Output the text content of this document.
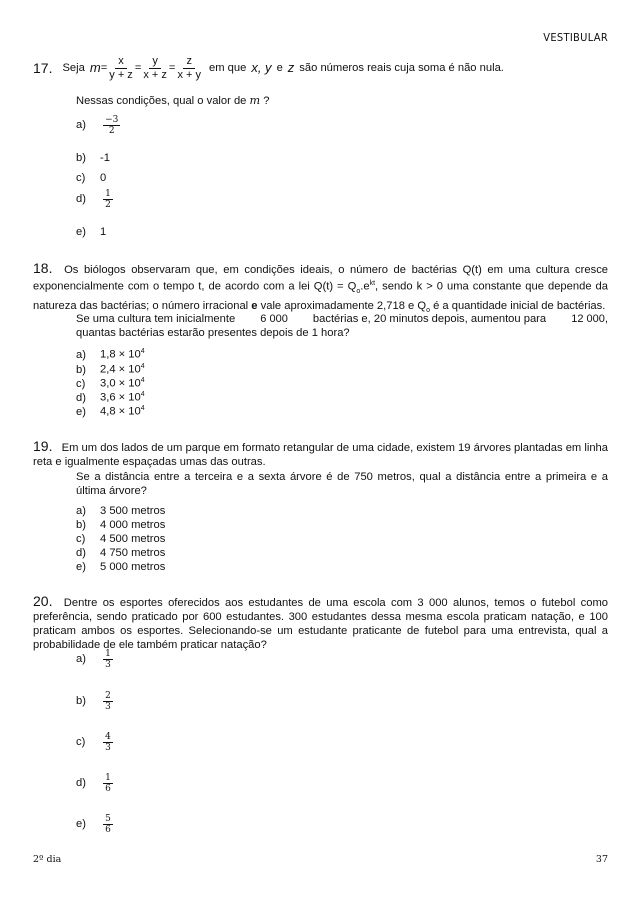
VESTIBULAR
17. Seja $m = \frac{x}{y + z} = \frac{y}{x + z} = \frac{z}{x + y}$ em que x, y e z são números reais cuja soma é não nula.
Nessas condições, qual o valor de m ?
$a) \frac{-3}{2}$
b) -1
c) 0
$d) \frac{1}{2}$
e) 1
18. Os biólogos observaram que, em condições ideais, o número de bactérias Q(t) em uma cultura cresce exponencialmente com o tempo t, de acordo com a lei $Q(t) = Q_o.e^{kt}$, sendo k > 0 uma constante que depende da natureza das bactérias; o número irracional e vale aproximadamente 2,718 e $Q_o$ é a quantidade inicial de bactérias.
Se uma cultura tem inicialmente 6 000 bactérias e, 20 minutos depois, aumentou para 12 000,
quantas bactérias estarão presentes depois de 1 hora?
a) $1,8 \times 10^4$
b) $2,4 \times 10^4$
c) $3,0 \times 10^4$
d) $3,6 \times 10^4$
e) $4,8 \times 10^4$
19. Em um dos lados de um parque em formato retangular de uma cidade, existem 19 árvores plantadas em linha reta e igualmente espaçadas umas das outras.
Se a distância entre a terceira e a sexta árvore é de 750 metros, qual a distância entre a primeira e a última árvore?
a) 3 500 metros
b) 4 000 metros
c) 4 500 metros
d) 4 750 metros
e) 5 000 metros
20. Dentre os esportes oferecidos aos estudantes de uma escola com 3 000 alunos, temos o futebol como preferência, sendo praticado por 600 estudantes. 300 estudantes dessa mesma escola praticam natação, e 100 praticam ambos os esportes. Selecionando-se um estudante praticante de futebol para uma entrevista, qual a probabilidade de ele também praticar natação?
$a) \frac{1}{3}$
$b) \frac{2}{3}$
$c) \frac{4}{3}$
$d) \frac{1}{6}$
$e) \frac{5}{6}$
2º dia	37
